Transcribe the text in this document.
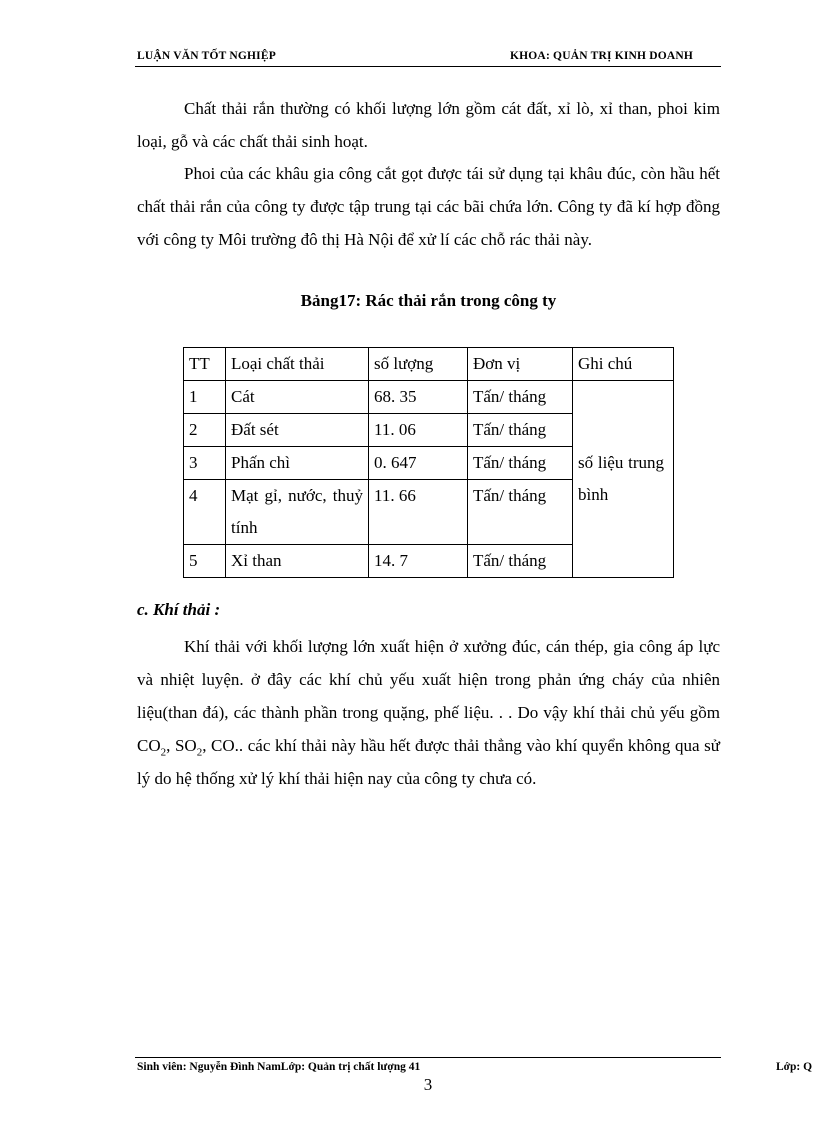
LUẬN VĂN TỐT NGHIỆP	KHOA: QUẢN TRỊ KINH DOANH
Chất thải rắn thường có khối lượng lớn gồm cát đất, xỉ lò, xỉ than, phoi kim loại, gỗ và các chất thải sinh hoạt.
Phoi của các khâu gia công cắt gọt được tái sử dụng tại khâu đúc, còn hầu hết chất thải rắn của công ty được tập trung tại các bãi chứa lớn. Công ty đã kí hợp đồng với công ty Môi trường đô thị Hà Nội để xử lí các chỗ rác thải này.
Bảng17: Rác thải rắn trong công ty
TT	Loại chất thải	số lượng	Đơn vị	Ghi chú
1	Cát	68. 35	Tấn/ tháng	số liệu trung bình

2	Đất sét	11. 06	Tấn/ tháng	
3	Phấn chì	0. 647	Tấn/ tháng	
4	Mạt gỉ, nước, thuỷ tính	11. 66	Tấn/ tháng	
5	Xỉ than	14. 7	Tấn/ tháng	
c. Khí thải :
Khí thải với khối lượng lớn xuất hiện ở xưởng đúc, cán thép, gia công áp lực và nhiệt luyện. ở đây các khí chủ yếu xuất hiện trong phản ứng cháy của nhiên liệu(than đá), các thành phần trong quặng, phế liệu. . . Do vậy khí thải chủ yếu gồm $CO_2$, $SO_2$, CO.. các khí thải này hầu hết được thải thẳng vào khí quyển không qua sử lý do hệ thống xử lý khí thải hiện nay của công ty chưa có.
Sinh viên: Nguyễn Đình NamLớp: Quản trị chất lượng 41	Lớp: Q
3
